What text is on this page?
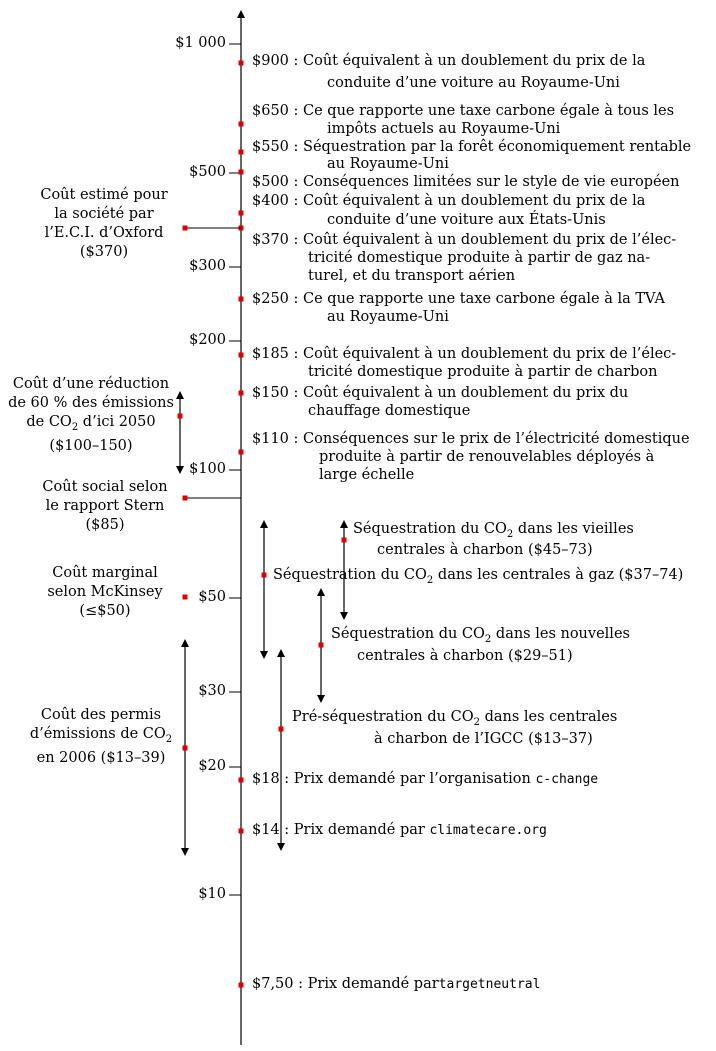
$1 000
$500
$300
$200
$100
$50
$30
$20
$10
$900 : Coût équivalent à un doublement du prix de la
conduite d’une voiture au Royaume-Uni
$650 : Ce que rapporte une taxe carbone égale à tous les
impôts actuels au Royaume-Uni
$550 : Séquestration par la forêt économiquement rentable
au Royaume-Uni
$500 : Conséquences limitées sur le style de vie européen
$400 : Coût équivalent à un doublement du prix de la
conduite d’une voiture aux États-Unis
$370 : Coût équivalent à un doublement du prix de l’élec-
tricité domestique produite à partir de gaz na-
turel, et du transport aérien
$250 : Ce que rapporte une taxe carbone égale à la TVA
au Royaume-Uni
$185 : Coût équivalent à un doublement du prix de l’élec-
tricité domestique produite à partir de charbon
$150 : Coût équivalent à un doublement du prix du
chauffage domestique
$110 : Conséquences sur le prix de l’électricité domestique
produite à partir de renouvelables déployés à
large échelle
$18 : Prix demandé par l’organisation c-change
$14 : Prix demandé par climatecare.org
$7,50 : Prix demandé partargetneutral
Coût estimé pour
la société par
l’E.C.I. d’Oxford
($370)
Coût d’une réduction
de 60 % des émissions
de $CO_2$ d’ici 2050
($100–150)
Coût social selon
le rapport Stern
($85)
Coût marginal
selon McKinsey
(≤$50)
Coût des permis
d’émissions de $CO_2$
en 2006 ($13–39)
Séquestration du $CO_2$ dans les vieilles
centrales à charbon ($45–73)
Séquestration du $CO_2$ dans les centrales à gaz ($37–74)
Séquestration du $CO_2$ dans les nouvelles
centrales à charbon ($29–51)
Pré-séquestration du $CO_2$ dans les centrales
à charbon de l’IGCC ($13–37)
